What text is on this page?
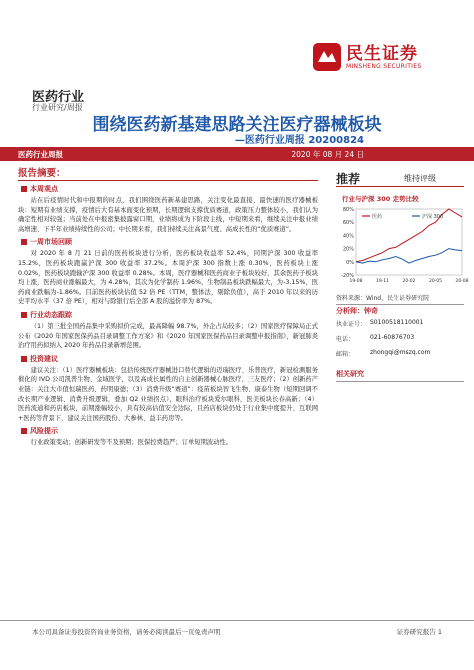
民生证券
MINSHENG SECURITIES
医药行业
行业研究/周报
围绕医药新基建思路关注医疗器械板块
—医药行业周报 20200824
医药行业周报	2020 年 08 月 24 日
报告摘要：
本周观点
站在后疫情时代和中报期的时点，我们围绕医药新基建思路，关注变化最直接、最快速的医疗器械板块：短期有业绩支撑，疫情后大有基本面变化预期，长期逻辑支撑优质赛道，政策压力整体较小，我们认为确定性相对较强；当前处在中报密集披露窗口期，业绩将成为下阶段主线，中短期来看，继续关注中报业绩高增速、下半年业绩持续性的公司；中长期来看，我们持续关注高景气度、高成长性的“优质赛道”。
一周市场回顾
对 2020 年 8 月 21 日前的医药板块进行分析，医药板块收益率 52.4%，同期沪深 300 收益率 15.2%，医药板块跑赢沪深 300 收益率 37.2%。本周沪深 300 指数上涨 0.30%，医药板块上涨 0.02%，医药板块跑输沪深 300 收益率 0.28%。本周，医疗器械和医药商业子板块较好，其余医药子板块均上涨，医药商业涨幅最大，为 4.28%，其次为化学制药 1.96%，生物制品板块跌幅最大，为-3.15%，医药商业跌幅为-1.86%。目前医药板块估值 52 倍 PE（TTM，整体法，剔除负值），高于 2010 年以来的历史平均水平（37 倍 PE），相对与除银行后全部 A 股的溢价率为 87%。
行业动态跟踪
（1）第三批全国药品集中采购拟价完成，最高降幅 98.7%，外企占局较多；（2）国家医疗保障局正式公布《2020 年国家医保药品目录调整工作方案》和《2020 年国家医保药品目录调整申报指南》，新冠肺炎治疗用药拟纳入 2020 年药品目录新增范围。
投资建议
建议关注：（1）医疗器械板块：包括传统医疗器械进口替代逻辑的迈瑞医疗、乐普医疗，新冠检测服务催化的 IVD 公司凯普生物、金域医学，以及高成长属性的自主创新器械心脉医疗、三友医疗；（2）创新药产业链：关注大市值恒瑞医药、药明康德；（3）消费升级“赛道”：疫苗板块智飞生物、康泰生物（短期回调不改长期产业逻辑、消费升级逻辑，叠加 Q2 业绩拐点），眼科治疗板块爱尔眼科，医美板块长春高新；（4）医药流通和药店板块，前期涨幅较小，具有较高估值安全边际，且药店板块仍处于行业集中度提升、互联网+医药等背景下，建议关注国药股份、大参林、益丰药房等。
风险提示
行业政策变动；创新研发等不及预期；医保控费趋严；订单短期波动性。
推荐	维持评级
行业与沪深 300 走势比较
80%
60%
40%
20%
0%
-20%
19-08	19-11	20-02	20-05	20-08
医药	沪深 300
资料来源：Wind，民生证券研究院
分析师：钟奇
执业证号： S0100518110001
电话：	021-60876703
邮箱：	zhongqi@mszq.com
相关研究
本公司具备证券投资咨询业务资格，请务必阅读最后一页免责声明	证券研究报告 1
